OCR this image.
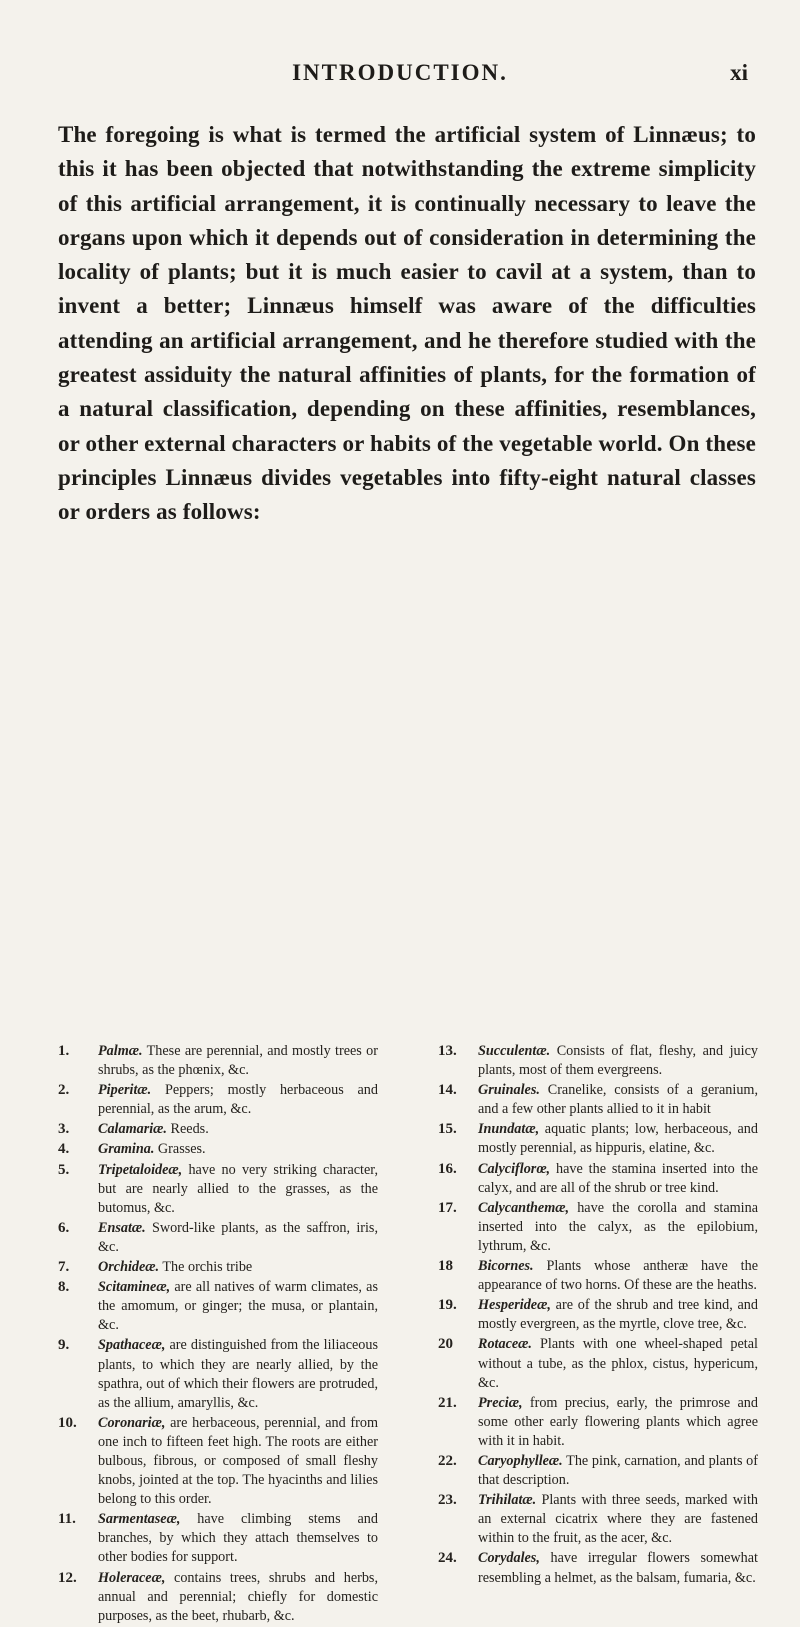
INTRODUCTION.	xi
The foregoing is what is termed the artificial system of Linnæus; to this it has been objected that notwithstanding the extreme simplicity of this artificial arrangement, it is continually necessary to leave the organs upon which it depends out of consideration in determining the locality of plants; but it is much easier to cavil at a system, than to invent a better; Linnæus himself was aware of the difficulties attending an artificial arrangement, and he therefore studied with the greatest assiduity the natural affinities of plants, for the formation of a natural classification, depending on these affinities, resemblances, or other external characters or habits of the vegetable world. On these principles Linnæus divides vegetables into fifty-eight natural classes or orders as follows:
1. Palmæ. These are perennial, and mostly trees or shrubs, as the phœnix, &c.
2. Piperitæ. Peppers; mostly herbaceous and perennial, as the arum, &c.
3. Calamariæ. Reeds.
4. Gramina. Grasses.
5. Tripetaloideæ, have no very striking character, but are nearly allied to the grasses, as the butomus, &c.
6. Ensatæ. Sword-like plants, as the saffron, iris, &c.
7. Orchideæ. The orchis tribe
8. Scitamineæ, are all natives of warm climates, as the amomum, or ginger; the musa, or plantain, &c.
9. Spathaceæ, are distinguished from the liliaceous plants, to which they are nearly allied, by the spathra, out of which their flowers are protruded, as the allium, amaryllis, &c.
10. Coronariæ, are herbaceous, perennial, and from one inch to fifteen feet high. The roots are either bulbous, fibrous, or composed of small fleshy knobs, jointed at the top. The hyacinths and lilies belong to this order.
11. Sarmentaseæ, have climbing stems and branches, by which they attach themselves to other bodies for support.
12. Holeraceæ, contains trees, shrubs and herbs, annual and perennial; chiefly for domestic purposes, as the beet, rhubarb, &c.
13. Succulentæ. Consists of flat, fleshy, and juicy plants, most of them evergreens.
14. Gruinales. Cranelike, consists of a geranium, and a few other plants allied to it in habit
15. Inundatæ, aquatic plants; low, herbaceous, and mostly perennial, as hippuris, elatine, &c.
16. Calyciflorœ, have the stamina inserted into the calyx, and are all of the shrub or tree kind.
17. Calycanthemæ, have the corolla and stamina inserted into the calyx, as the epilobium, lythrum, &c.
18 Bicornes. Plants whose antheræ have the appearance of two horns. Of these are the heaths.
19. Hesperideæ, are of the shrub and tree kind, and mostly evergreen, as the myrtle, clove tree, &c.
20 Rotaceæ. Plants with one wheel-shaped petal without a tube, as the phlox, cistus, hypericum, &c.
21. Preciæ, from precius, early, the primrose and some other early flowering plants which agree with it in habit.
22. Caryophylleæ. The pink, carnation, and plants of that description.
23. Trihilatæ. Plants with three seeds, marked with an external cicatrix where they are fastened within to the fruit, as the acer, &c.
24. Corydales, have irregular flowers somewhat resembling a helmet, as the balsam, fumaria, &c.
